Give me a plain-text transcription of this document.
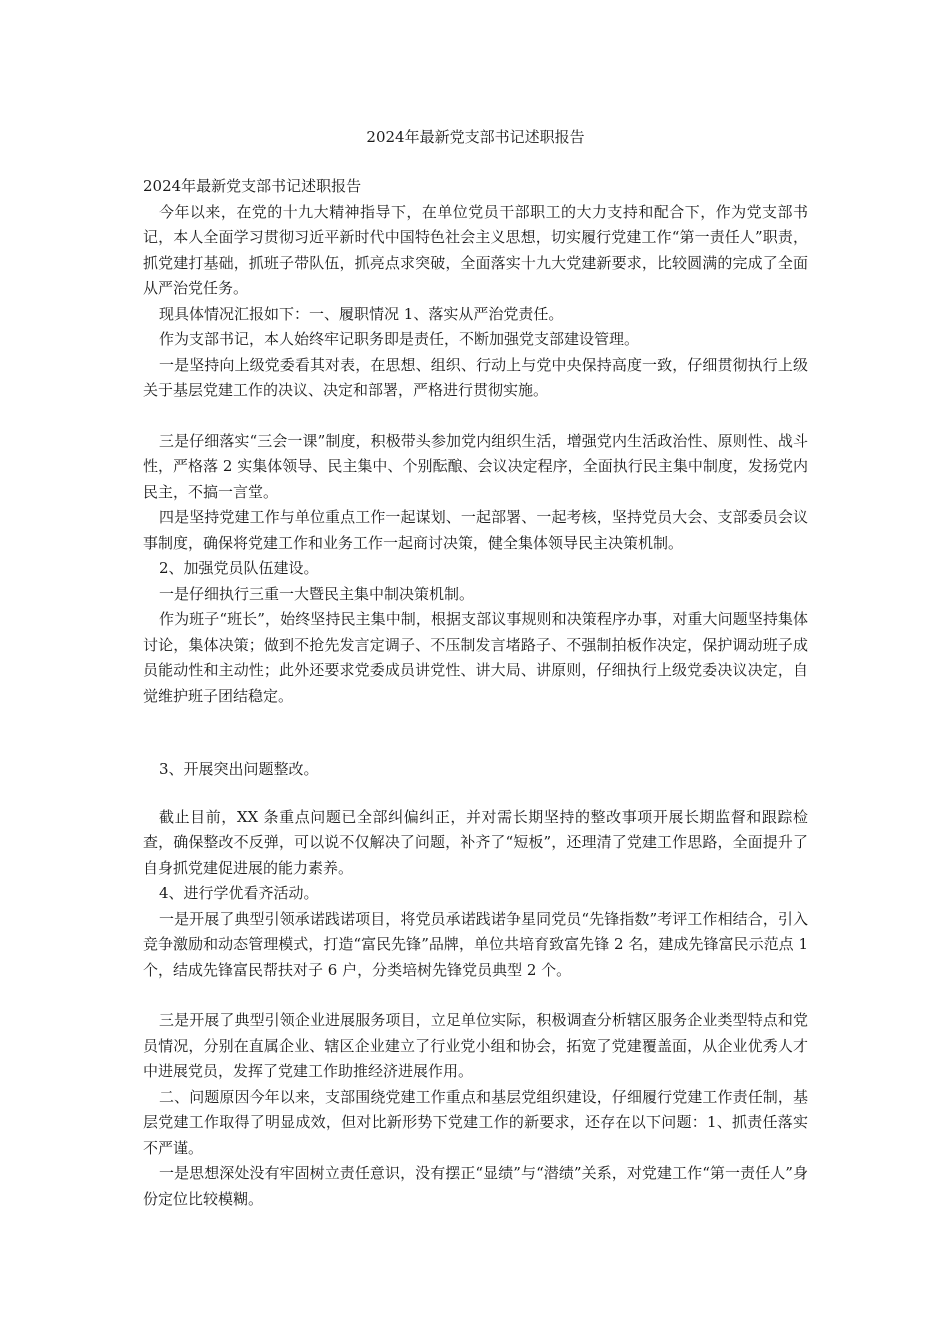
2024年最新党支部书记述职报告

2024年最新党支部书记述职报告

今年以来，在党的十九大精神指导下，在单位党员干部职工的大力支持和配合下，作为党支部书记，本人全面学习贯彻习近平新时代中国特色社会主义思想，切实履行党建工作“第一责任人”职责，抓党建打基础，抓班子带队伍，抓亮点求突破，全面落实十九大党建新要求，比较圆满的完成了全面从严治党任务。

现具体情况汇报如下：一、履职情况 1、落实从严治党责任。

作为支部书记，本人始终牢记职务即是责任，不断加强党支部建设管理。

一是坚持向上级党委看其对表，在思想、组织、行动上与党中央保持高度一致，仔细贯彻执行上级关于基层党建工作的决议、决定和部署，严格进行贯彻实施。

三是仔细落实“三会一课”制度，积极带头参加党内组织生活，增强党内生活政治性、原则性、战斗性，严格落 2 实集体领导、民主集中、个别酝酿、会议决定程序，全面执行民主集中制度，发扬党内民主，不搞一言堂。

四是坚持党建工作与单位重点工作一起谋划、一起部署、一起考核，坚持党员大会、支部委员会议事制度，确保将党建工作和业务工作一起商讨决策，健全集体领导民主决策机制。

2、加强党员队伍建设。

一是仔细执行三重一大暨民主集中制决策机制。

作为班子“班长”，始终坚持民主集中制，根据支部议事规则和决策程序办事，对重大问题坚持集体讨论，集体决策；做到不抢先发言定调子、不压制发言堵路子、不强制拍板作决定，保护调动班子成员能动性和主动性；此外还要求党委成员讲党性、讲大局、讲原则，仔细执行上级党委决议决定，自觉维护班子团结稳定。

3、开展突出问题整改。

截止目前，XX 条重点问题已全部纠偏纠正，并对需长期坚持的整改事项开展长期监督和跟踪检查，确保整改不反弹，可以说不仅解决了问题，补齐了“短板”，还理清了党建工作思路，全面提升了自身抓党建促进展的能力素养。

4、进行学优看齐活动。

一是开展了典型引领承诺践诺项目，将党员承诺践诺争星同党员“先锋指数”考评工作相结合，引入竞争激励和动态管理模式，打造“富民先锋”品牌，单位共培育致富先锋 2 名，建成先锋富民示范点 1 个，结成先锋富民帮扶对子 6 户，分类培树先锋党员典型 2 个。

三是开展了典型引领企业进展服务项目，立足单位实际，积极调查分析辖区服务企业类型特点和党员情况，分别在直属企业、辖区企业建立了行业党小组和协会，拓宽了党建覆盖面，从企业优秀人才中进展党员，发挥了党建工作助推经济进展作用。

二、问题原因今年以来，支部围绕党建工作重点和基层党组织建设，仔细履行党建工作责任制，基层党建工作取得了明显成效，但对比新形势下党建工作的新要求，还存在以下问题：1、抓责任落实不严谨。

一是思想深处没有牢固树立责任意识，没有摆正“显绩”与“潜绩”关系，对党建工作“第一责任人”身份定位比较模糊。
